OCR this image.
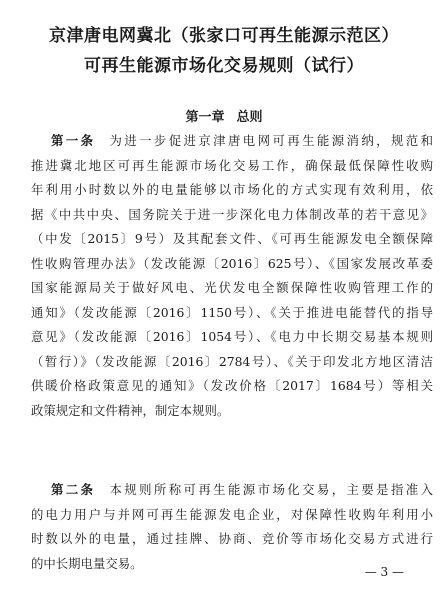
京津唐电网冀北（张家口可再生能源示范区）
可再生能源市场化交易规则（试行）
第一章 总则
第一条 为进一步促进京津唐电网可再生能源消纳，规范和
推进冀北地区可再生能源市场化交易工作，确保最低保障性收购
年利用小时数以外的电量能够以市场化的方式实现有效利用，依
据《中共中央、国务院关于进一步深化电力体制改革的若干意见》
（中发〔2015〕9号）及其配套文件、《可再生能源发电全额保障
性收购管理办法》（发改能源〔2016〕625号）、《国家发展改革委
国家能源局关于做好风电、光伏发电全额保障性收购管理工作的
通知》（发改能源〔2016〕1150号）、《关于推进电能替代的指导
意见》（发改能源〔2016〕1054号）、《电力中长期交易基本规则
（暂行）》（发改能源〔2016〕2784号）、《关于印发北方地区清洁
供暖价格政策意见的通知》（发改价格〔2017〕1684号）等相关
政策规定和文件精神，制定本规则。
第二条 本规则所称可再生能源市场化交易，主要是指准入
的电力用户与并网可再生能源发电企业，对保障性收购年利用小
时数以外的电量，通过挂牌、协商、竞价等市场化交易方式进行
的中长期电量交易。
— 3 —
